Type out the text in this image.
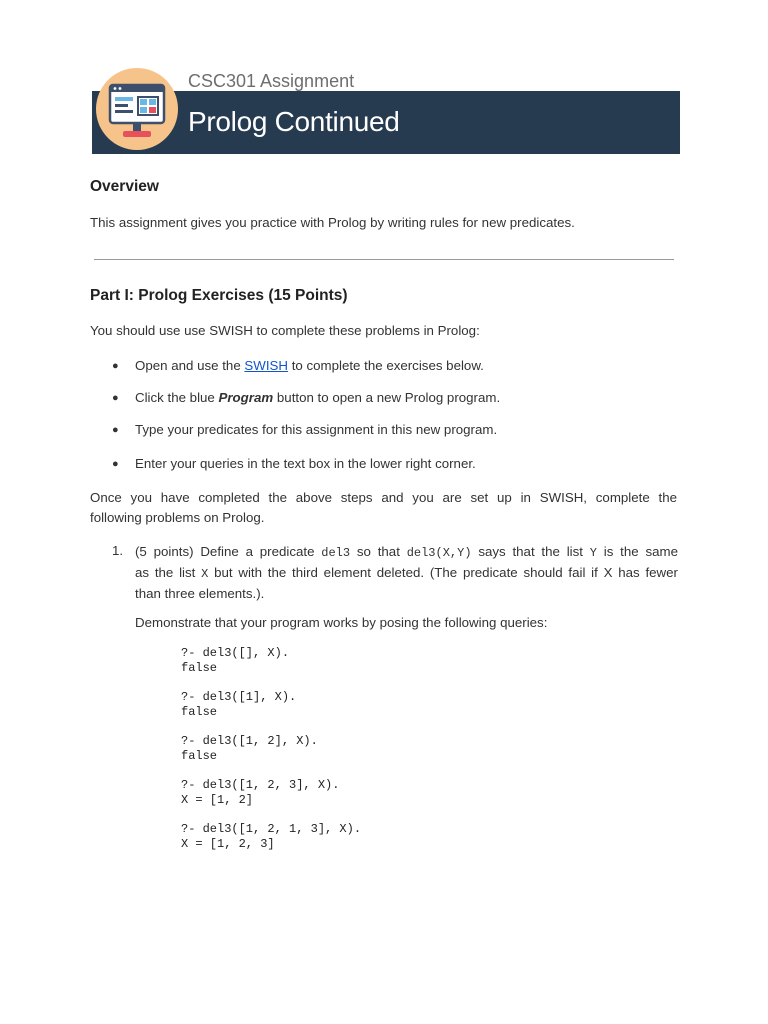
CSC301 Assignment
Prolog Continued
Overview
This assignment gives you practice with Prolog by writing rules for new predicates.
Part I: Prolog Exercises (15 Points)
You should use use SWISH to complete these problems in Prolog:
● Open and use the SWISH to complete the exercises below.
● Click the blue Program button to open a new Prolog program.
● Type your predicates for this assignment in this new program.
● Enter your queries in the text box in the lower right corner.
Once you have completed the above steps and you are set up in SWISH, complete the
following problems on Prolog.
1. (5 points) Define a predicate del3 so that del3(X,Y) says that the list Y is the same
as the list X but with the third element deleted. (The predicate should fail if X has fewer
than three elements.).
Demonstrate that your program works by posing the following queries:
?- del3([], X).
false
?- del3([1], X).
false
?- del3([1, 2], X).
false
?- del3([1, 2, 3], X).
X = [1, 2]
?- del3([1, 2, 1, 3], X).
X = [1, 2, 3]
